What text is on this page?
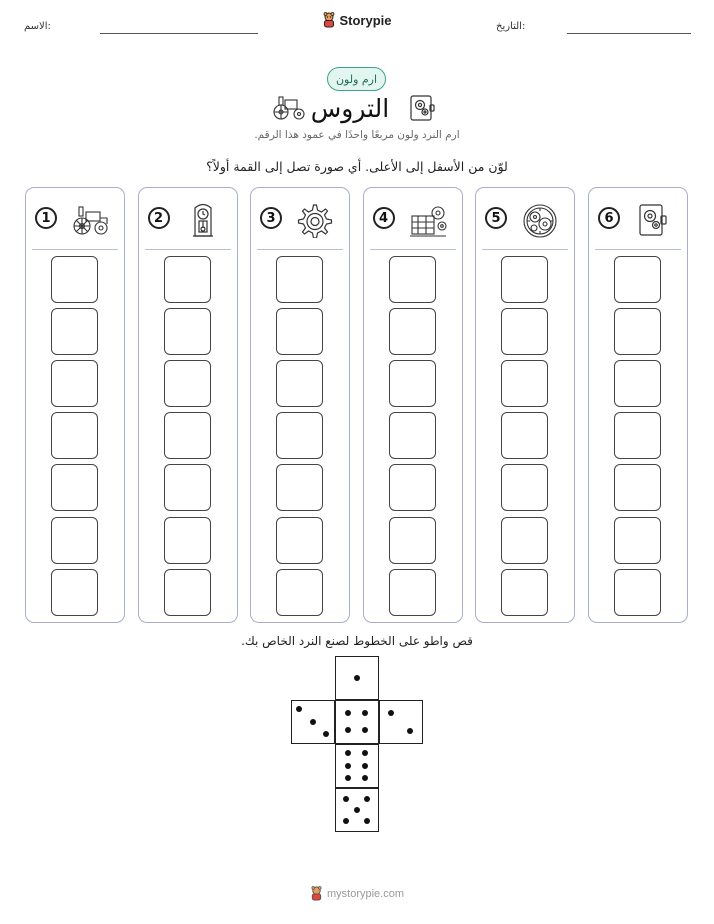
الاسم:	التاريخ:
Storypie
ارم ولون
التروس
ارم النرد ولون مربعًا واحدًا في عمود هذا الرقم.
لوّن من الأسفل إلى الأعلى. أي صورة تصل إلى القمة أولاً؟
1	2	3	4	5	6
قص واطو على الخطوط لصنع النرد الخاص بك.
mystorypie.com
